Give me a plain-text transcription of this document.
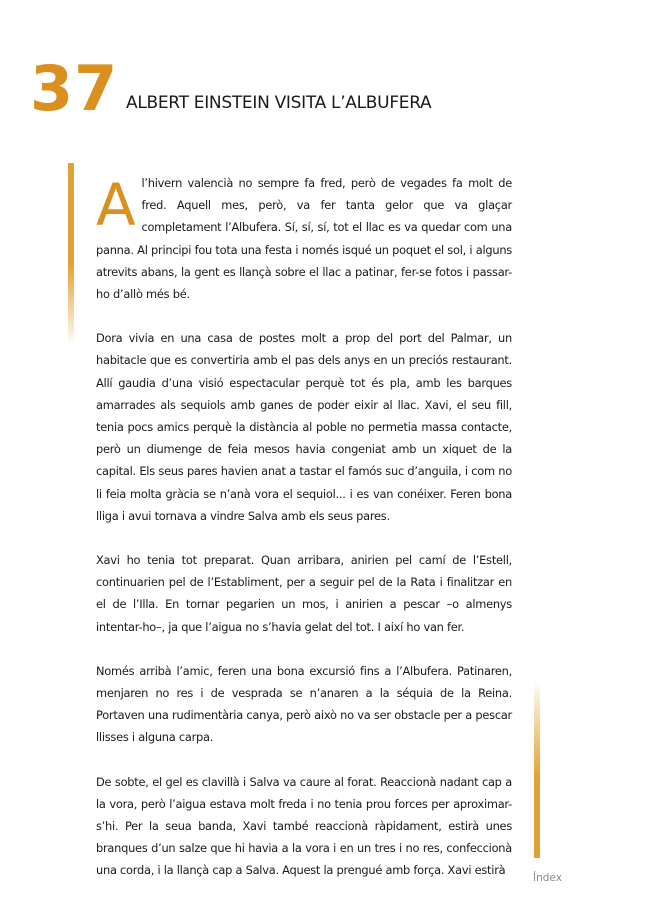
37 ALBERT EINSTEIN VISITA L’ALBUFERA

Al’hivern valencià no sempre fa fred, però de vegades fa molt de fred. Aquell mes, però, va fer tanta gelor que va glaçar completament l’Albufera. Sí, sí, sí, tot el llac es va quedar com una panna. Al principi fou tota una festa i només isqué un poquet el sol, i alguns atrevits abans, la gent es llançà sobre el llac a patinar, fer-se fotos i passar-ho d’allò més bé.

Dora vivia en una casa de postes molt a prop del port del Palmar, un habitacle que es convertiria amb el pas dels anys en un preciós restaurant. Allí gaudia d’una visió espectacular perquè tot és pla, amb les barques amarrades als sequiols amb ganes de poder eixir al llac. Xavi, el seu fill, tenia pocs amics perquè la distància al poble no permetia massa contacte, però un diumenge de feia mesos havia congeniat amb un xiquet de la capital. Els seus pares havien anat a tastar el famós suc d’anguila, i com no li feia molta gràcia se n’anà vora el sequiol... i es van conéixer. Feren bona lliga i avui tornava a vindre Salva amb els seus pares.

Xavi ho tenia tot preparat. Quan arribara, anirien pel camí de l’Estell, continuarien pel de l’Establiment, per a seguir pel de la Rata i finalitzar en el de l’Illa. En tornar pegarien un mos, i anirien a pescar –o almenys intentar-ho–, ja que l’aigua no s’havia gelat del tot. I així ho van fer.

Només arribà l’amic, feren una bona excursió fins a l’Albufera. Patinaren, menjaren no res i de vesprada se n’anaren a la séquia de la Reina. Portaven una rudimentària canya, però això no va ser obstacle per a pescar llisses i alguna carpa.

De sobte, el gel es clavillà i Salva va caure al forat. Reaccionà nadant cap a la vora, però l’aigua estava molt freda i no tenia prou forces per aproximar-s’hi. Per la seua banda, Xavi també reaccionà ràpidament, estirà unes branques d’un salze que hi havia a la vora i en un tres i no res, confeccionà una corda, i la llançà cap a Salva. Aquest la prengué amb força. Xavi estirà

Índex
